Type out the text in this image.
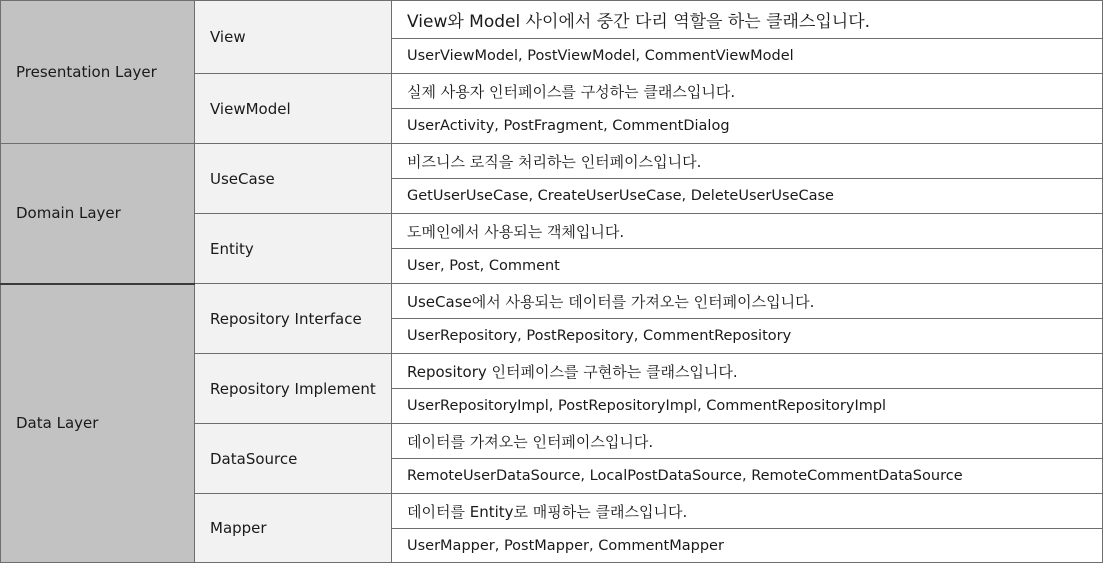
Presentation Layer	View	View와 Model 사이에서 중간 다리 역할을 하는 클래스입니다.
		UserViewModel, PostViewModel, CommentViewModel
	ViewModel	실제 사용자 인터페이스를 구성하는 클래스입니다.
		UserActivity, PostFragment, CommentDialog
Domain Layer	UseCase	비즈니스 로직을 처리하는 인터페이스입니다.
		GetUserUseCase, CreateUserUseCase, DeleteUserUseCase
	Entity	도메인에서 사용되는 객체입니다.
		User, Post, Comment
Data Layer	Repository Interface	UseCase에서 사용되는 데이터를 가져오는 인터페이스입니다.
		UserRepository, PostRepository, CommentRepository
	Repository Implement	Repository 인터페이스를 구현하는 클래스입니다.
		UserRepositoryImpl, PostRepositoryImpl, CommentRepositoryImpl
	DataSource	데이터를 가져오는 인터페이스입니다.
		RemoteUserDataSource, LocalPostDataSource, RemoteCommentDataSource
	Mapper	데이터를 Entity로 매핑하는 클래스입니다.
		UserMapper, PostMapper, CommentMapper
